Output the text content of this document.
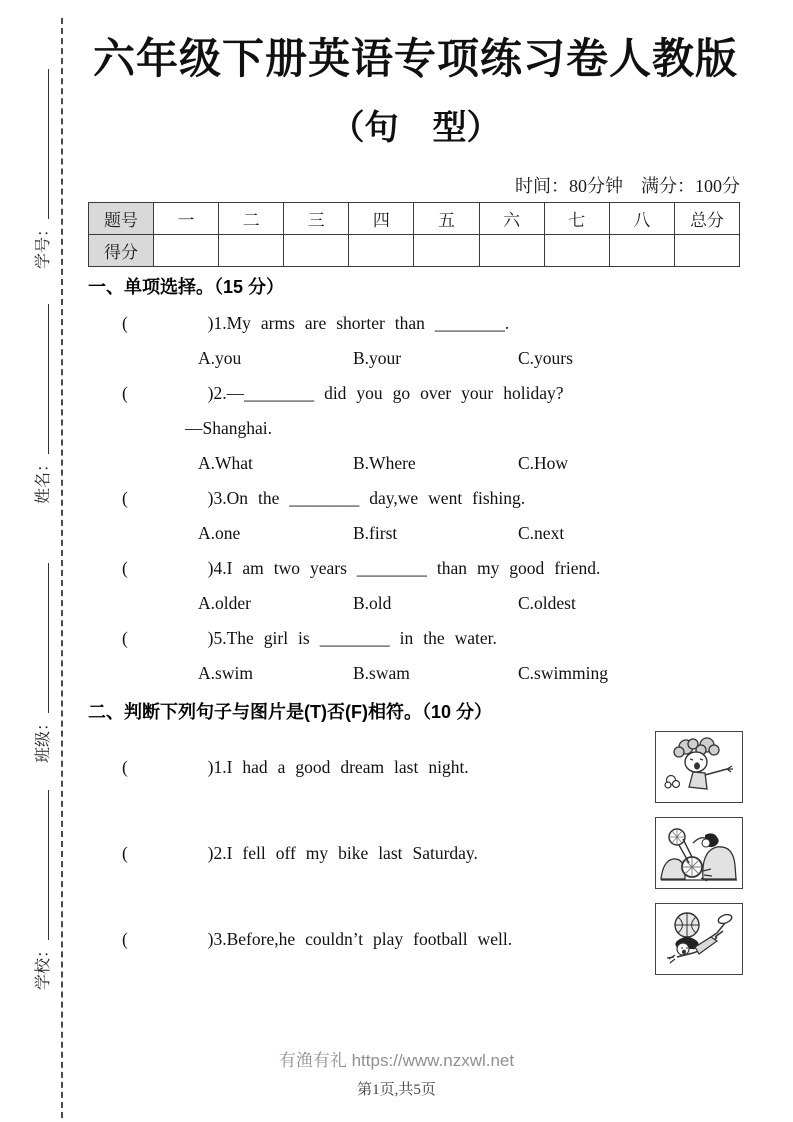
学号：
姓名：
班级：
学校：
六年级下册英语专项练习卷人教版
（句　型）
时间：80分钟　满分：100分
题号	一	二	三	四	五	六	七	八	总分
得分									
一、单项选择。（15 分）
(        )1.My arms are shorter than ________.
A.you	B.your	C.yours
(        )2.—________ did you go over your holiday?
—Shanghai.
A.What	B.Where	C.How
(        )3.On the ________ day,we went fishing.
A.one	B.first	C.next
(        )4.I am two years ________ than my good friend.
A.older	B.old	C.oldest
(        )5.The girl is ________ in the water.
A.swim	B.swam	C.swimming
二、判断下列句子与图片是(T)否(F)相符。（10 分）
(        )1.I had a good dream last night.
(        )2.I fell off my bike last Saturday.
(        )3.Before,he couldn’t play football well.
有渔有礼 https://www.nzxwl.net
第1页,共5页
